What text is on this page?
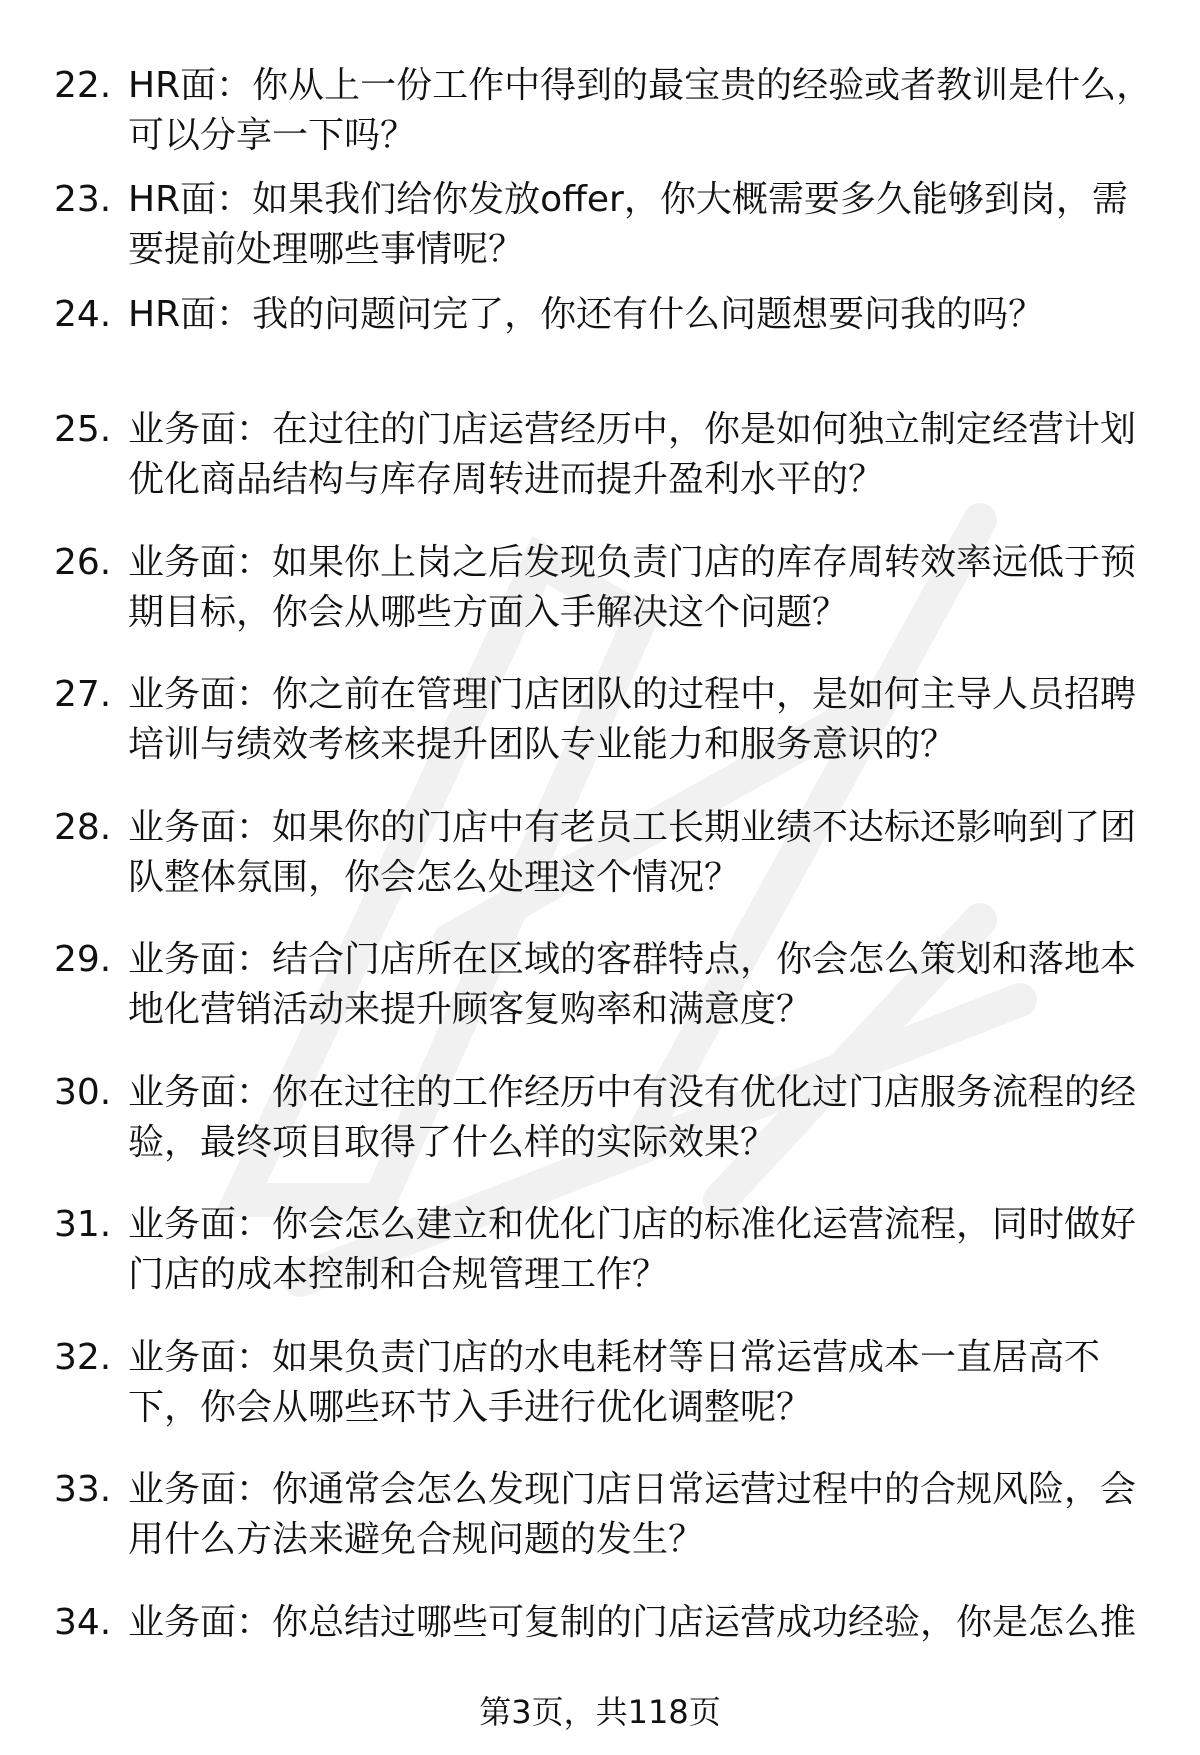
22. HR面：你从上一份工作中得到的最宝贵的经验或者教训是什么，
可以分享一下吗？
23. HR面：如果我们给你发放offer，你大概需要多久能够到岗，需
要提前处理哪些事情呢？
24. HR面：我的问题问完了，你还有什么问题想要问我的吗？
25. 业务面：在过往的门店运营经历中，你是如何独立制定经营计划
优化商品结构与库存周转进而提升盈利水平的？
26. 业务面：如果你上岗之后发现负责门店的库存周转效率远低于预
期目标，你会从哪些方面入手解决这个问题？
27. 业务面：你之前在管理门店团队的过程中，是如何主导人员招聘
培训与绩效考核来提升团队专业能力和服务意识的？
28. 业务面：如果你的门店中有老员工长期业绩不达标还影响到了团
队整体氛围，你会怎么处理这个情况？
29. 业务面：结合门店所在区域的客群特点，你会怎么策划和落地本
地化营销活动来提升顾客复购率和满意度？
30. 业务面：你在过往的工作经历中有没有优化过门店服务流程的经
验，最终项目取得了什么样的实际效果？
31. 业务面：你会怎么建立和优化门店的标准化运营流程，同时做好
门店的成本控制和合规管理工作？
32. 业务面：如果负责门店的水电耗材等日常运营成本一直居高不
下，你会从哪些环节入手进行优化调整呢？
33. 业务面：你通常会怎么发现门店日常运营过程中的合规风险，会
用什么方法来避免合规问题的发生？
34. 业务面：你总结过哪些可复制的门店运营成功经验，你是怎么推
第3页，共118页
